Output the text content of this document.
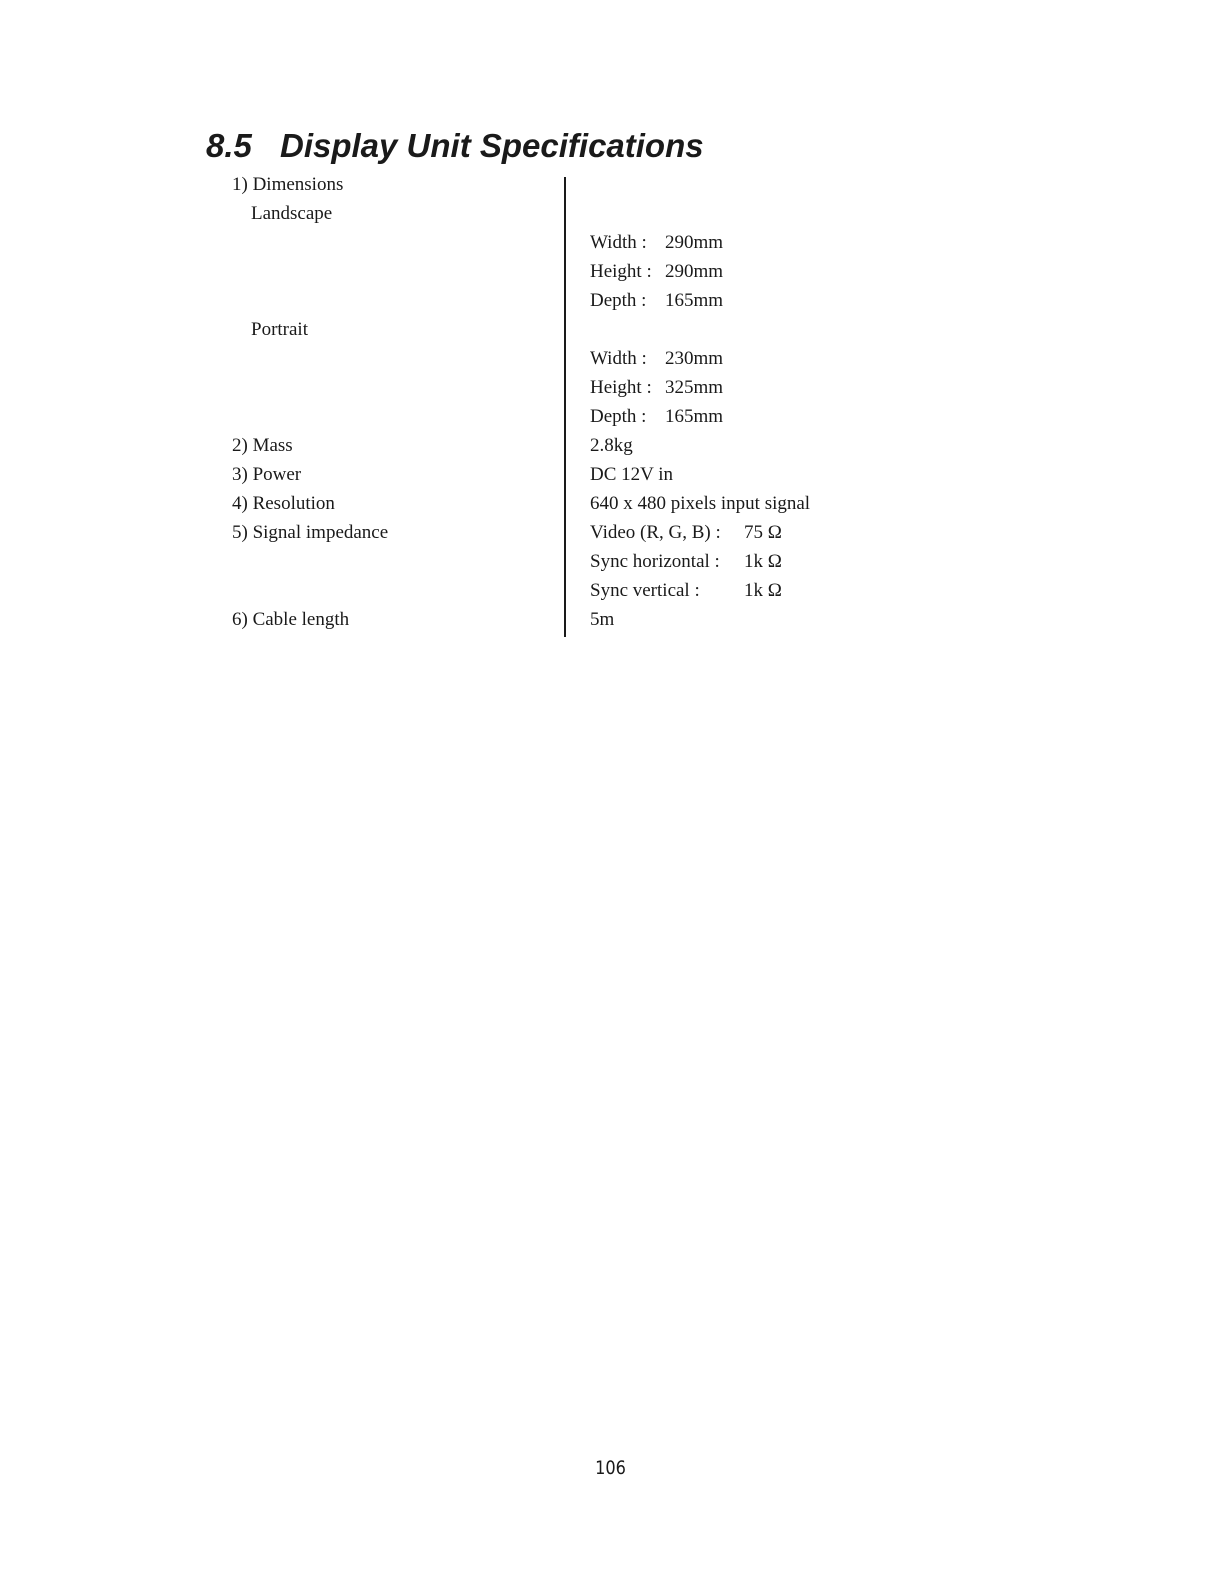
8.5 Display Unit Specifications
1) Dimensions
Landscape
Portrait
2) Mass
3) Power
4) Resolution
5) Signal impedance
6) Cable length
Width : 290mm
Height : 290mm
Depth : 165mm
Width : 230mm
Height : 325mm
Depth : 165mm
2.8kg
DC 12V in
640 x 480 pixels input signal
Video (R, G, B) : 75 Ω
Sync horizontal : 1k Ω
Sync vertical : 1k Ω
5m
106
